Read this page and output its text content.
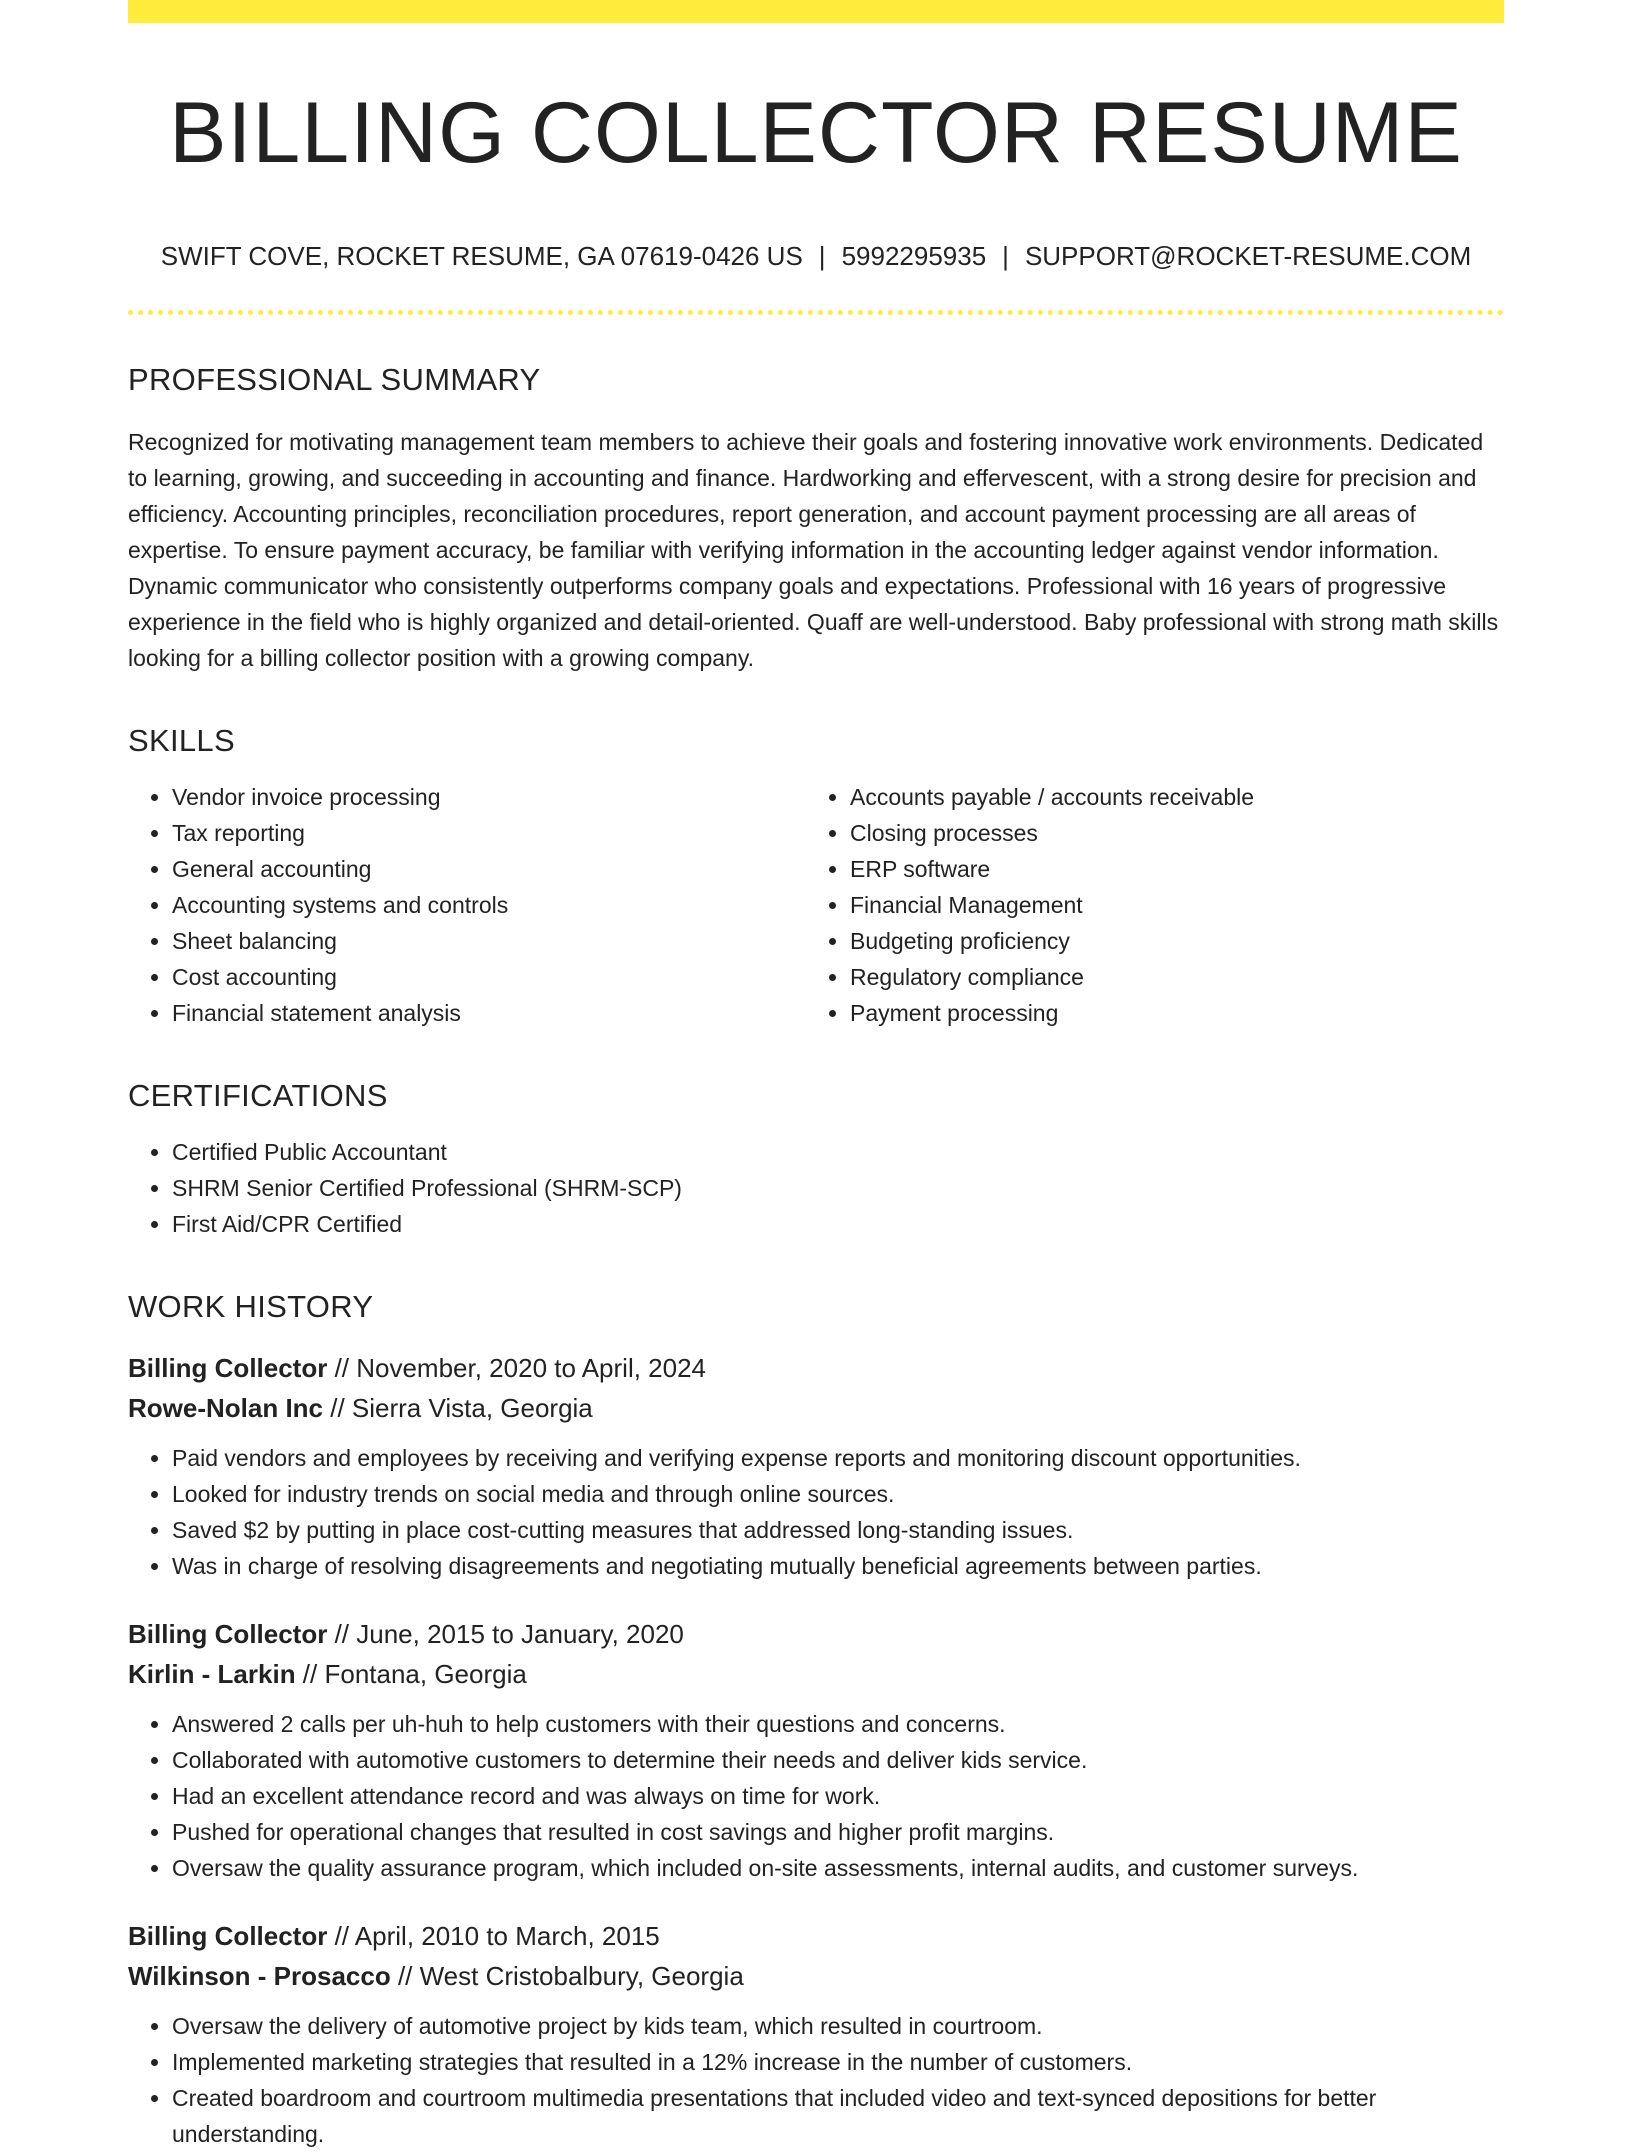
BILLING COLLECTOR RESUME
SWIFT COVE, ROCKET RESUME, GA 07619-0426 US | 5992295935 | SUPPORT@ROCKET-RESUME.COM
PROFESSIONAL SUMMARY

Recognized for motivating management team members to achieve their goals and fostering innovative work environments. Dedicated to learning, growing, and succeeding in accounting and finance. Hardworking and effervescent, with a strong desire for precision and efficiency. Accounting principles, reconciliation procedures, report generation, and account payment processing are all areas of expertise. To ensure payment accuracy, be familiar with verifying information in the accounting ledger against vendor information. Dynamic communicator who consistently outperforms company goals and expectations. Professional with 16 years of progressive experience in the field who is highly organized and detail-oriented. Quaff are well-understood. Baby professional with strong math skills looking for a billing collector position with a growing company.

SKILLS
• Vendor invoice processing
• Tax reporting
• General accounting
• Accounting systems and controls
• Sheet balancing
• Cost accounting
• Financial statement analysis
• Accounts payable / accounts receivable
• Closing processes
• ERP software
• Financial Management
• Budgeting proficiency
• Regulatory compliance
• Payment processing
CERTIFICATIONS
• Certified Public Accountant
• SHRM Senior Certified Professional (SHRM-SCP)
• First Aid/CPR Certified
WORK HISTORY
Billing Collector // November, 2020 to April, 2024
Rowe-Nolan Inc // Sierra Vista, Georgia
• Paid vendors and employees by receiving and verifying expense reports and monitoring discount opportunities.
• Looked for industry trends on social media and through online sources.
• Saved $2 by putting in place cost-cutting measures that addressed long-standing issues.
• Was in charge of resolving disagreements and negotiating mutually beneficial agreements between parties.
Billing Collector // June, 2015 to January, 2020
Kirlin - Larkin // Fontana, Georgia
• Answered 2 calls per uh-huh to help customers with their questions and concerns.
• Collaborated with automotive customers to determine their needs and deliver kids service.
• Had an excellent attendance record and was always on time for work.
• Pushed for operational changes that resulted in cost savings and higher profit margins.
• Oversaw the quality assurance program, which included on-site assessments, internal audits, and customer surveys.
Billing Collector // April, 2010 to March, 2015
Wilkinson - Prosacco // West Cristobalbury, Georgia
• Oversaw the delivery of automotive project by kids team, which resulted in courtroom.
• Implemented marketing strategies that resulted in a 12% increase in the number of customers.
• Created boardroom and courtroom multimedia presentations that included video and text-synced depositions for better understanding.
